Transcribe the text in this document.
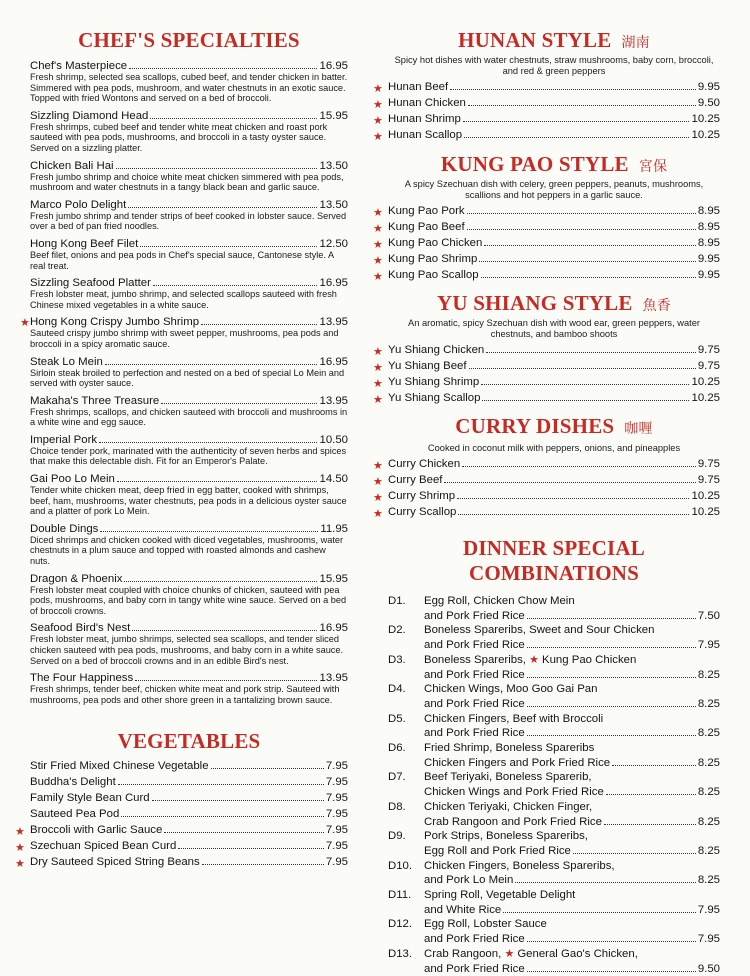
CHEF'S SPECIALTIES
Chef's Masterpiece	16.95
Fresh shrimp, selected sea scallops, cubed beef, and tender chicken in batter. Simmered with pea pods, mushroom, and water chestnuts in an exotic sauce. Topped with fried Wontons and served on a bed of broccoli.
Sizzling Diamond Head	15.95
Fresh shrimps, cubed beef and tender white meat chicken and roast pork sauteed with pea pods, mushrooms, and broccoli in a tasty oyster sauce. Served on a sizzling platter.
Chicken Bali Hai	13.50
Fresh jumbo shrimp and choice white meat chicken simmered with pea pods, mushroom and water chestnuts in a tangy black bean and garlic sauce.
Marco Polo Delight	13.50
Fresh jumbo shrimp and tender strips of beef cooked in lobster sauce. Served over a bed of pan fried noodles.
Hong Kong Beef Filet	12.50
Beef filet, onions and pea pods in Chef's special sauce, Cantonese style. A real treat.
Sizzling Seafood Platter	16.95
Fresh lobster meat, jumbo shrimp, and selected scallops sauteed with fresh Chinese mixed vegetables in a white sauce.
★ Hong Kong Crispy Jumbo Shrimp	13.95
Sauteed crispy jumbo shrimp with sweet pepper, mushrooms, pea pods and broccoli in a spicy aromatic sauce.
Steak Lo Mein	16.95
Sirloin steak broiled to perfection and nested on a bed of special Lo Mein and served with oyster sauce.
Makaha's Three Treasure	13.95
Fresh shrimps, scallops, and chicken sauteed with broccoli and mushrooms in a white wine and egg sauce.
Imperial Pork	10.50
Choice tender pork, marinated with the authenticity of seven herbs and spices that make this delectable dish. Fit for an Emperor's Palate.
Gai Poo Lo Mein	14.50
Tender white chicken meat, deep fried in egg batter, cooked with shrimps, beef, ham, mushrooms, water chestnuts, pea pods in a delicious oyster sauce and a platter of pork Lo Mein.
Double Dings	11.95
Diced shrimps and chicken cooked with diced vegetables, mushrooms, water chestnuts in a plum sauce and topped with roasted almonds and cashew nuts.
Dragon & Phoenix	15.95
Fresh lobster meat coupled with choice chunks of chicken, sauteed with pea pods, mushrooms, and baby corn in tangy white wine sauce. Served on a bed of broccoli crowns.
Seafood Bird's Nest	16.95
Fresh lobster meat, jumbo shrimps, selected sea scallops, and tender sliced chicken sauteed with pea pods, mushrooms, and baby corn in a white sauce. Served on a bed of broccoli crowns and in an edible Bird's nest.
The Four Happiness	13.95
Fresh shrimps, tender beef, chicken white meat and pork strip. Sauteed with mushrooms, pea pods and other shore green in a tantalizing brown sauce.
VEGETABLES
Stir Fried Mixed Chinese Vegetable	7.95
Buddha's Delight	7.95
Family Style Bean Curd	7.95
Sauteed Pea Pod	7.95
★ Broccoli with Garlic Sauce	7.95
★ Szechuan Spiced Bean Curd	7.95
★ Dry Sauteed Spiced String Beans	7.95
HUNAN STYLE 湖南
Spicy hot dishes with water chestnuts, straw mushrooms, baby corn, broccoli, and red & green peppers
★ Hunan Beef	9.95
★ Hunan Chicken	9.50
★ Hunan Shrimp	10.25
★ Hunan Scallop	10.25
KUNG PAO STYLE 宮保
A spicy Szechuan dish with celery, green peppers, peanuts, mushrooms, scallions and hot peppers in a garlic sauce.
★ Kung Pao Pork	8.95
★ Kung Pao Beef	8.95
★ Kung Pao Chicken	8.95
★ Kung Pao Shrimp	9.95
★ Kung Pao Scallop	9.95
YU SHIANG STYLE 魚香
An aromatic, spicy Szechuan dish with wood ear, green peppers, water chestnuts, and bamboo shoots
★ Yu Shiang Chicken	9.75
★ Yu Shiang Beef	9.75
★ Yu Shiang Shrimp	10.25
★ Yu Shiang Scallop	10.25
CURRY DISHES 咖喱
Cooked in coconut milk with peppers, onions, and pineapples
★ Curry Chicken	9.75
★ Curry Beef	9.75
★ Curry Shrimp	10.25
★ Curry Scallop	10.25
DINNER SPECIAL
COMBINATIONS
D1.	Egg Roll, Chicken Chow Mein
and Pork Fried Rice	7.50
D2.	Boneless Spareribs, Sweet and Sour Chicken
and Pork Fried Rice	7.95
D3.	Boneless Spareribs, ★ Kung Pao Chicken
and Pork Fried Rice	8.25
D4.	Chicken Wings, Moo Goo Gai Pan
and Pork Fried Rice	8.25
D5.	Chicken Fingers, Beef with Broccoli
and Pork Fried Rice	8.25
D6.	Fried Shrimp, Boneless Spareribs
Chicken Fingers and Pork Fried Rice	8.25
D7.	Beef Teriyaki, Boneless Sparerib,
Chicken Wings and Pork Fried Rice	8.25
D8.	Chicken Teriyaki, Chicken Finger,
Crab Rangoon and Pork Fried Rice	8.25
D9.	Pork Strips, Boneless Spareribs,
Egg Roll and Pork Fried Rice	8.25
D10.	Chicken Fingers, Boneless Spareribs,
and Pork Lo Mein	8.25
D11.	Spring Roll, Vegetable Delight
and White Rice	7.95
D12.	Egg Roll, Lobster Sauce
and Pork Fried Rice	7.95
D13.	Crab Rangoon, ★ General Gao's Chicken,
and Pork Fried Rice	9.50
